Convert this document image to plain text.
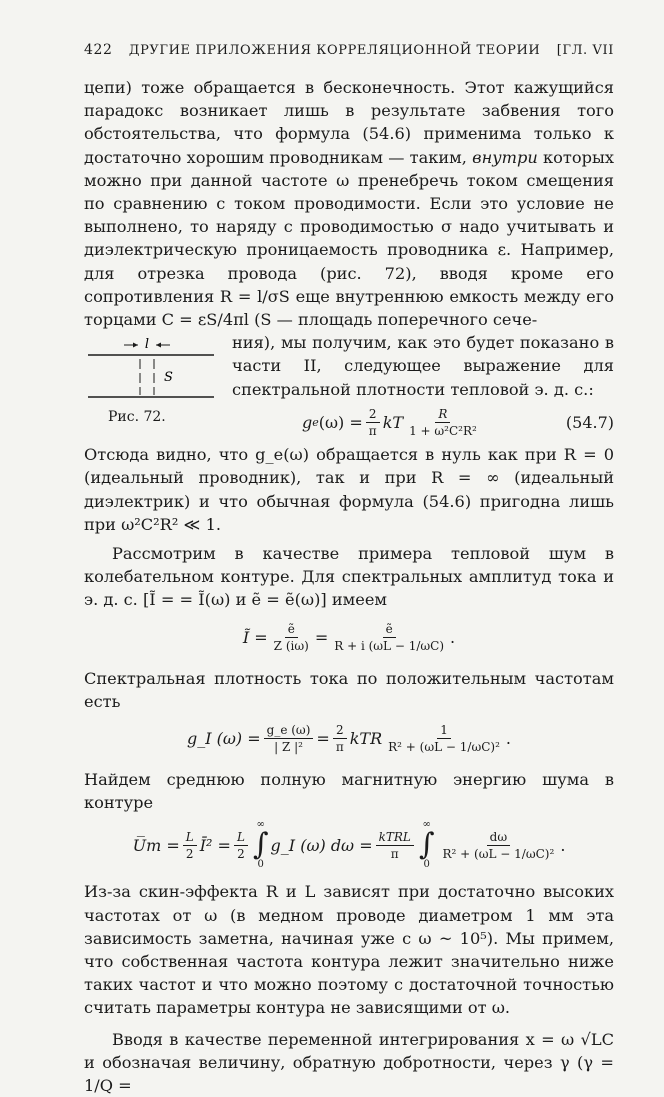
422 ДРУГИЕ ПРИЛОЖЕНИЯ КОРРЕЛЯЦИОННОЙ ТЕОРИИ [ГЛ. VII

цепи) тоже обращается в бесконечность. Этот кажущийся парадокс возникает лишь в результате забвения того обстоятельства, что формула (54.6) применима только к достаточно хорошим проводникам — таким, внутри которых можно при данной частоте ω пренебречь током смещения по сравнению с током проводимости. Если это условие не выполнено, то наряду с проводимостью σ надо учитывать и диэлектрическую проницаемость проводника ε. Например, для отрезка провода (рис. 72), вводя кроме его сопротивления R = l/σS еще внутреннюю емкость между его торцами C = εS/4πl (S — площадь поперечного сече-

l
S
Рис. 72.

ния), мы получим, как это будет показано в части II, следующее выражение для спектральной плотности тепловой э. д. с.:

g e $(\omega) = \frac{2}{\pi}$ kT $\frac{R}{\text{1 + ω²C²R²}}$	(54.7)

Отсюда видно, что g_e(ω) обращается в нуль как при R = 0 (идеальный проводник), так и при R = ∞ (идеальный диэлектрик) и что обычная формула (54.6) пригодна лишь при ω²C²R² ≪ 1.

Рассмотрим в качестве примера тепловой шум в колебательном контуре. Для спектральных амплитуд тока и э. д. с. [Ĩ = = Ĩ(ω) и ẽ = ẽ(ω)] имеем

Ĩ = $\frac{\text{ẽ}}{Z (i\omega)} = \frac{\text{ẽ}}{R + i (\omega L - 1/\omega C)}$ .

Спектральная плотность тока по положительным частотам есть

g_I $(\omega) = \frac{g\_e (\omega)}{\text{| Z |²}} = \frac{2}{\pi}$ kTR $\frac{1}{\text{R² + (ωL − 1/ωC)²}}$ .

Найдем среднюю полную магнитную энергию шума в контуре

U̅m = $\frac{L}{2}$ Ī² = $\frac{L}{2}$
∞
∫
0
g_I (ω) $d\omega = \frac{\text{kTRL}}{\pi}$
∞
∫
0
$\frac{d\omega}{\text{R² + (ωL − 1/ωC)²}}$ .

Из-за скин-эффекта R и L зависят при достаточно высоких частотах от ω (в медном проводе диаметром 1 мм эта зависимость заметна, начиная уже с ω ~ 10⁵). Мы примем, что собственная частота контура лежит значительно ниже таких частот и что можно поэтому с достаточной точностью считать параметры контура не зависящими от ω.

Вводя в качестве переменной интегрирования x = ω √LC и обозначая величину, обратную добротности, через γ (γ = 1/Q =
